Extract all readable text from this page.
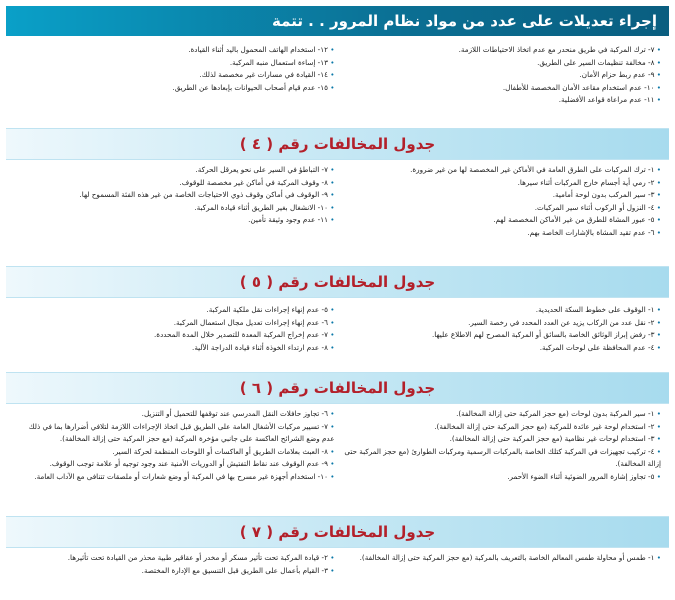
إجراء تعديلات على عدد من مواد نظام المرور . . تتمة
• ٧- ترك المركبة في طريق منحدر مع عدم اتخاذ الاحتياطات اللازمة.
• ٨- مخالفة تنظيمات السير على الطريق.
• ٩- عدم ربط حزام الأمان.
• ١٠- عدم استخدام مقاعد الأمان المخصصة للأطفال.
• ١١- عدم مراعاة قواعد الأفضلية.
• ١٢- استخدام الهاتف المحمول باليد أثناء القيادة.
• ١٣- إساءة استعمال منبه المركبة.
• ١٤- القيادة في مسارات غير مخصصة لذلك.
• ١٥- عدم قيام أصحاب الحيوانات بإبعادها عن الطريق.
جدول المخالفات رقم ( ٤ )
• ١- ترك المركبات على الطرق العامة في الأماكن غير المخصصة لها من غير ضرورة.
• ٢- رمي أية أجسام خارج المركبات أثناء سيرها.
• ٣- سير المركب بدون لوحة أمامية.
• ٤- النزول أو الركوب أثناء سير المركبات.
• ٥- عبور المشاة للطرق من غير الأماكن المخصصة لهم.
• ٦- عدم تقيد المشاة بالإشارات الخاصة بهم.
• ٧- التباطؤ في السير على نحو يعرقل الحركة.
• ٨- وقوف المركبة في أماكن غير مخصصة للوقوف.
• ٩- الوقوف في أماكن وقوف ذوي الاحتياجات الخاصة من غير هذه الفئة المسموح لها.
• ١٠- الانشغال بغير الطريق أثناء قيادة المركبة.
• ١١- عدم وجود وثيقة تأمين.
جدول المخالفات رقم ( ٥ )
• ١- الوقوف على خطوط السكة الحديدية.
• ٢- نقل عدد من الركاب يزيد عن العدد المحدد في رخصة السير.
• ٣- رفض إبراز الوثائق الخاصة بالسائق أو المركبة المصرح لهم الاطلاع عليها.
• ٤- عدم المحافظة على لوحات المركبة.
• ٥- عدم إنهاء إجراءات نقل ملكية المركبة.
• ٦- عدم إنهاء إجراءات تعديل مجال استعمال المركبة.
• ٧- عدم إخراج المركبة المعدة للتصدير خلال المدة المحددة.
• ٨- عدم ارتداء الخوذة أثناء قيادة الدراجة الآلية.
جدول المخالفات رقم ( ٦ )
• ١- سير المركبة بدون لوحات (مع حجز المركبة حتى إزالة المخالفة).
• ٢- استخدام لوحة غير عائدة للمركبة (مع حجز المركبة حتى إزالة المخالفة).
• ٣- استخدام لوحات غير نظامية (مع حجز المركبة حتى إزالة المخالفة).
• ٤- تركيب تجهيزات في المركبة كتلك الخاصة بالمركبات الرسمية ومركبات الطوارئ (مع حجز المركبة حتى إزالة المخالفة).
• ٥- تجاوز إشارة المرور الضوئية أثناء الضوء الأحمر.
• ٦- تجاوز حافلات النقل المدرسي عند توقفها للتحميل أو التنزيل.
• ٧- تسيير مركبات الأشغال العامة على الطريق قبل اتخاذ الإجراءات اللازمة لتلافي أضرارها بما في ذلك عدم وضع الشرائح العاكسة على جانبي مؤخرة المركبة (مع حجز المركبة حتى إزالة المخالفة).
• ٨- العبث بعلامات الطريق أو العاكسات أو اللوحات المنظمة لحركة السير.
• ٩- عدم الوقوف عند نقاط التفتيش أو الدوريات الأمنية عند وجود توجيه أو علامة توجب الوقوف.
• ١٠- استخدام أجهزة غير مسرح بها في المركبة أو وضع شعارات أو ملصقات تتنافى مع الآداب العامة.
جدول المخالفات رقم ( ٧ )
• ١- طمس أو محاولة طمس المعالم الخاصة بالتعريف بالمركبة (مع حجز المركبة حتى إزالة المخالفة).
• ٢- قيادة المركبة تحت تأثير مسكر أو مخدر أو عقاقير طبية محذر من القيادة تحت تأثيرها.
• ٣- القيام بأعمال على الطريق قبل التنسيق مع الإدارة المختصة.
